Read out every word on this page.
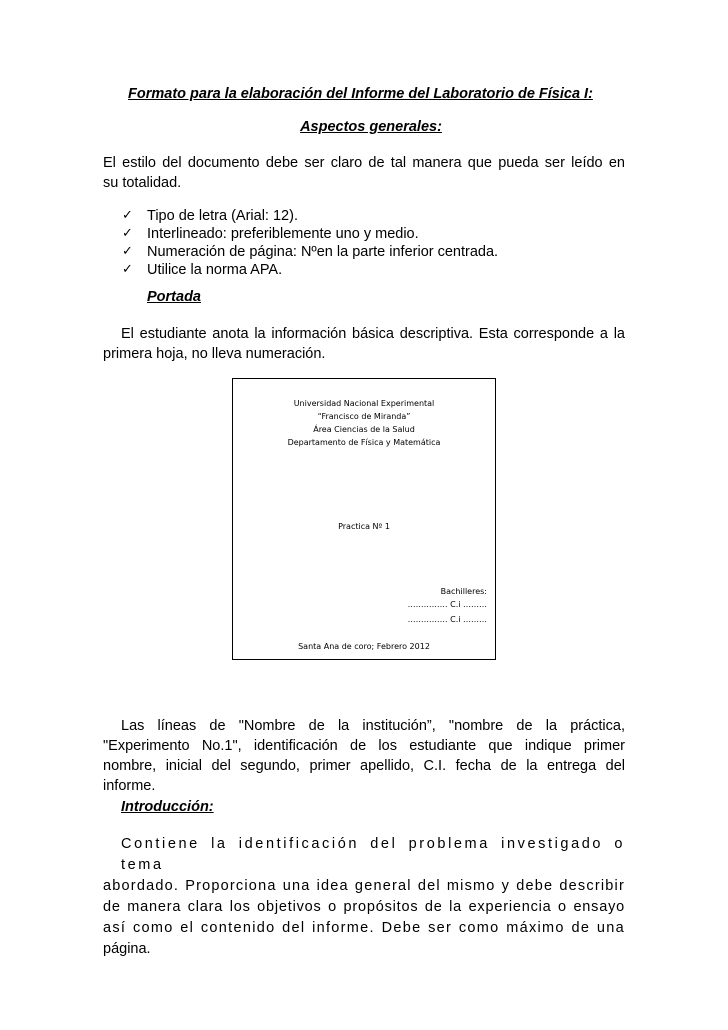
Formato para la elaboración del Informe del Laboratorio de Física I:
Aspectos generales:
El estilo del documento debe ser claro de tal manera que pueda ser leído en
su totalidad.
✓ Tipo de letra (Arial: 12).
✓ Interlineado: preferiblemente uno y medio.
✓ Numeración de página: Nºen la parte inferior centrada.
✓ Utilice la norma APA.
Portada
El estudiante anota la información básica descriptiva. Esta corresponde a la
primera hoja, no lleva numeración.
Universidad Nacional Experimental
“Francisco de Miranda”
Área Ciencias de la Salud
Departamento de Física y Matemática
Practica Nº 1
Bachilleres:
…………… C.i ………
…………… C.i ………
Santa Ana de coro; Febrero 2012
Las líneas de "Nombre de la institución”, "nombre de la práctica,
"Experimento No.1", identificación de los estudiante que indique primer
nombre, inicial del segundo, primer apellido, C.I. fecha de la entrega del
informe.
Introducción:
Contiene la identificación del problema investigado o tema
abordado. Proporciona una idea general del mismo y debe describir
de manera clara los objetivos o propósitos de la experiencia o ensayo
así como el contenido del informe. Debe ser como máximo de una
página.
